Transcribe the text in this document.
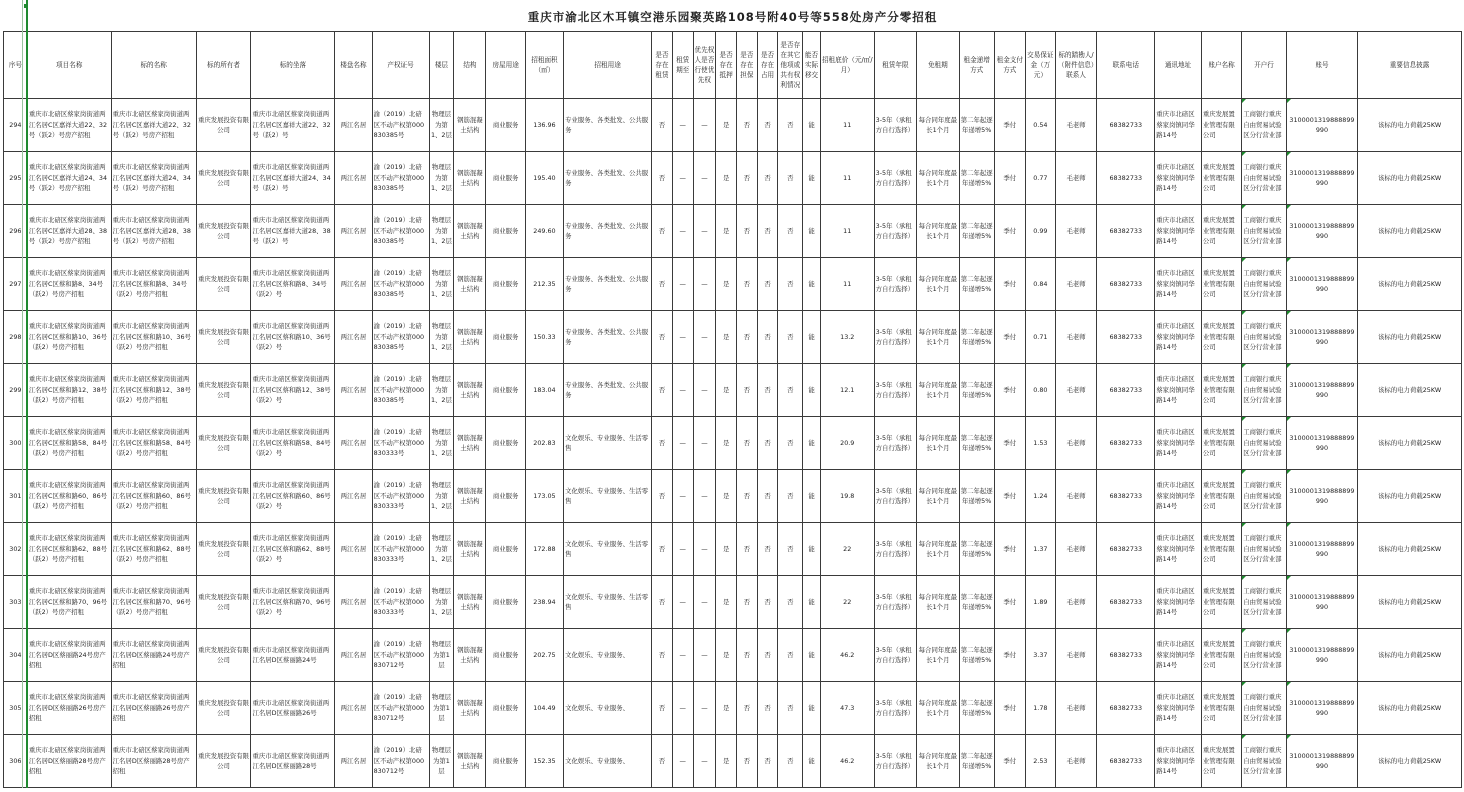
重庆市渝北区木耳镇空港乐园聚英路108号附40号等558处房产分零招租																																
序号	项目名称	标的名称	标的所有者	标的坐落	楼盘名称	产权证号	楼层	结构	房屋用途	招租面积（㎡）	招租用途	是否存在租赁	租赁期至	优先权人是否行使优先权	是否存在抵押	是否存在担保	是否存在占用	是否存在其它他项或共有权利情况	能否实际移交	招租底价（元/㎡/月）	租赁年限	免租期	租金递增方式	租金支付方式	交易保证金（万元）	标的踏勘人/（附件信息）联系人	联系电话	通讯地址	账户名称	开户行	账号	重要信息披露
294	重庆市北碚区蔡家岗街道两江名居C区嘉祥大道22、32号（跃2）号房产招租	重庆市北碚区蔡家岗街道两江名居C区嘉祥大道22、32号（跃2）号房产招租	重庆发展投资有限公司	重庆市北碚区蔡家岗街道两江名居C区嘉祥大道22、32号（跃2）号	两江名居	渝（2019）北碚区不动产权第000830385号	物理层为第1、2层	钢筋混凝土结构	商业服务	136.96	专业服务、各类批发、公共服务	否	—	—	是	否	否	否	能	11	3-5年（承租方自行选择）	每合同年度最长1个月	第二年起逐年递增5%	季付	0.54	毛老师	68382733	重庆市北碚区蔡家岗镇同华路14号	重庆发展置业管理有限公司	工商银行重庆自由贸易试验区分行营业部	3100001319888899990	该标的电力荷载25KW
295	重庆市北碚区蔡家岗街道两江名居C区嘉祥大道24、34号（跃2）号房产招租	重庆市北碚区蔡家岗街道两江名居C区嘉祥大道24、34号（跃2）号房产招租	重庆发展投资有限公司	重庆市北碚区蔡家岗街道两江名居C区嘉祥大道24、34号（跃2）号	两江名居	渝（2019）北碚区不动产权第000830385号	物理层为第1、2层	钢筋混凝土结构	商业服务	195.40	专业服务、各类批发、公共服务	否	—	—	是	否	否	否	能	11	3-5年（承租方自行选择）	每合同年度最长1个月	第二年起逐年递增5%	季付	0.77	毛老师	68382733	重庆市北碚区蔡家岗镇同华路14号	重庆发展置业管理有限公司	工商银行重庆自由贸易试验区分行营业部	3100001319888899990	该标的电力荷载25KW
296	重庆市北碚区蔡家岗街道两江名居C区嘉祥大道28、38号（跃2）号房产招租	重庆市北碚区蔡家岗街道两江名居C区嘉祥大道28、38号（跃2）号房产招租	重庆发展投资有限公司	重庆市北碚区蔡家岗街道两江名居C区嘉祥大道28、38号（跃2）号	两江名居	渝（2019）北碚区不动产权第000830385号	物理层为第1、2层	钢筋混凝土结构	商业服务	249.60	专业服务、各类批发、公共服务	否	—	—	是	否	否	否	能	11	3-5年（承租方自行选择）	每合同年度最长1个月	第二年起逐年递增5%	季付	0.99	毛老师	68382733	重庆市北碚区蔡家岗镇同华路14号	重庆发展置业管理有限公司	工商银行重庆自由贸易试验区分行营业部	3100001319888899990	该标的电力荷载25KW
297	重庆市北碚区蔡家岗街道两江名居C区蔡和路8、34号（跃2）号房产招租	重庆市北碚区蔡家岗街道两江名居C区蔡和路8、34号（跃2）号房产招租	重庆发展投资有限公司	重庆市北碚区蔡家岗街道两江名居C区蔡和路8、34号（跃2）号	两江名居	渝（2019）北碚区不动产权第000830385号	物理层为第1、2层	钢筋混凝土结构	商业服务	212.35	专业服务、各类批发、公共服务	否	—	—	是	否	否	否	能	11	3-5年（承租方自行选择）	每合同年度最长1个月	第二年起逐年递增5%	季付	0.84	毛老师	68382733	重庆市北碚区蔡家岗镇同华路14号	重庆发展置业管理有限公司	工商银行重庆自由贸易试验区分行营业部	3100001319888899990	该标的电力荷载25KW
298	重庆市北碚区蔡家岗街道两江名居C区蔡和路10、36号（跃2）号房产招租	重庆市北碚区蔡家岗街道两江名居C区蔡和路10、36号（跃2）号房产招租	重庆发展投资有限公司	重庆市北碚区蔡家岗街道两江名居C区蔡和路10、36号（跃2）号	两江名居	渝（2019）北碚区不动产权第000830385号	物理层为第1、2层	钢筋混凝土结构	商业服务	150.33	专业服务、各类批发、公共服务	否	—	—	是	否	否	否	能	13.2	3-5年（承租方自行选择）	每合同年度最长1个月	第二年起逐年递增5%	季付	0.71	毛老师	68382733	重庆市北碚区蔡家岗镇同华路14号	重庆发展置业管理有限公司	工商银行重庆自由贸易试验区分行营业部	3100001319888899990	该标的电力荷载25KW
299	重庆市北碚区蔡家岗街道两江名居C区蔡和路12、38号（跃2）号房产招租	重庆市北碚区蔡家岗街道两江名居C区蔡和路12、38号（跃2）号房产招租	重庆发展投资有限公司	重庆市北碚区蔡家岗街道两江名居C区蔡和路12、38号（跃2）号	两江名居	渝（2019）北碚区不动产权第000830385号	物理层为第1、2层	钢筋混凝土结构	商业服务	183.04	专业服务、各类批发、公共服务	否	—	—	是	否	否	否	能	12.1	3-5年（承租方自行选择）	每合同年度最长1个月	第二年起逐年递增5%	季付	0.80	毛老师	68382733	重庆市北碚区蔡家岗镇同华路14号	重庆发展置业管理有限公司	工商银行重庆自由贸易试验区分行营业部	3100001319888899990	该标的电力荷载25KW
300	重庆市北碚区蔡家岗街道两江名居C区蔡和路58、84号（跃2）号房产招租	重庆市北碚区蔡家岗街道两江名居C区蔡和路58、84号（跃2）号房产招租	重庆发展投资有限公司	重庆市北碚区蔡家岗街道两江名居C区蔡和路58、84号（跃2）号	两江名居	渝（2019）北碚区不动产权第000830333号	物理层为第1、2层	钢筋混凝土结构	商业服务	202.83	文化娱乐、专业服务、生活零售	否	—	—	是	否	否	否	能	20.9	3-5年（承租方自行选择）	每合同年度最长1个月	第二年起逐年递增5%	季付	1.53	毛老师	68382733	重庆市北碚区蔡家岗镇同华路14号	重庆发展置业管理有限公司	工商银行重庆自由贸易试验区分行营业部	3100001319888899990	该标的电力荷载25KW
301	重庆市北碚区蔡家岗街道两江名居C区蔡和路60、86号（跃2）号房产招租	重庆市北碚区蔡家岗街道两江名居C区蔡和路60、86号（跃2）号房产招租	重庆发展投资有限公司	重庆市北碚区蔡家岗街道两江名居C区蔡和路60、86号（跃2）号	两江名居	渝（2019）北碚区不动产权第000830333号	物理层为第1、2层	钢筋混凝土结构	商业服务	173.05	文化娱乐、专业服务、生活零售	否	—	—	是	否	否	否	能	19.8	3-5年（承租方自行选择）	每合同年度最长1个月	第二年起逐年递增5%	季付	1.24	毛老师	68382733	重庆市北碚区蔡家岗镇同华路14号	重庆发展置业管理有限公司	工商银行重庆自由贸易试验区分行营业部	3100001319888899990	该标的电力荷载25KW
302	重庆市北碚区蔡家岗街道两江名居C区蔡和路62、88号（跃2）号房产招租	重庆市北碚区蔡家岗街道两江名居C区蔡和路62、88号（跃2）号房产招租	重庆发展投资有限公司	重庆市北碚区蔡家岗街道两江名居C区蔡和路62、88号（跃2）号	两江名居	渝（2019）北碚区不动产权第000830333号	物理层为第1、2层	钢筋混凝土结构	商业服务	172.88	文化娱乐、专业服务、生活零售	否	—	—	是	否	否	否	能	22	3-5年（承租方自行选择）	每合同年度最长1个月	第二年起逐年递增5%	季付	1.37	毛老师	68382733	重庆市北碚区蔡家岗镇同华路14号	重庆发展置业管理有限公司	工商银行重庆自由贸易试验区分行营业部	3100001319888899990	该标的电力荷载25KW
303	重庆市北碚区蔡家岗街道两江名居C区蔡和路70、96号（跃2）号房产招租	重庆市北碚区蔡家岗街道两江名居C区蔡和路70、96号（跃2）号房产招租	重庆发展投资有限公司	重庆市北碚区蔡家岗街道两江名居C区蔡和路70、96号（跃2）号	两江名居	渝（2019）北碚区不动产权第000830333号	物理层为第1、2层	钢筋混凝土结构	商业服务	238.94	文化娱乐、专业服务、生活零售	否	—	—	是	否	否	否	能	22	3-5年（承租方自行选择）	每合同年度最长1个月	第二年起逐年递增5%	季付	1.89	毛老师	68382733	重庆市北碚区蔡家岗镇同华路14号	重庆发展置业管理有限公司	工商银行重庆自由贸易试验区分行营业部	3100001319888899990	该标的电力荷载25KW
304	重庆市北碚区蔡家岗街道两江名居D区蔡丽路24号房产招租	重庆市北碚区蔡家岗街道两江名居D区蔡丽路24号房产招租	重庆发展投资有限公司	重庆市北碚区蔡家岗街道两江名居D区蔡丽路24号	两江名居	渝（2019）北碚区不动产权第000830712号	物理层为第1层	钢筋混凝土结构	商业服务	202.75	文化娱乐、专业服务、	否	—	—	是	否	否	否	能	46.2	3-5年（承租方自行选择）	每合同年度最长1个月	第二年起逐年递增5%	季付	3.37	毛老师	68382733	重庆市北碚区蔡家岗镇同华路14号	重庆发展置业管理有限公司	工商银行重庆自由贸易试验区分行营业部	3100001319888899990	该标的电力荷载25KW
305	重庆市北碚区蔡家岗街道两江名居D区蔡丽路26号房产招租	重庆市北碚区蔡家岗街道两江名居D区蔡丽路26号房产招租	重庆发展投资有限公司	重庆市北碚区蔡家岗街道两江名居D区蔡丽路26号	两江名居	渝（2019）北碚区不动产权第000830712号	物理层为第1层	钢筋混凝土结构	商业服务	104.49	文化娱乐、专业服务、	否	—	—	是	否	否	否	能	47.3	3-5年（承租方自行选择）	每合同年度最长1个月	第二年起逐年递增5%	季付	1.78	毛老师	68382733	重庆市北碚区蔡家岗镇同华路14号	重庆发展置业管理有限公司	工商银行重庆自由贸易试验区分行营业部	3100001319888899990	该标的电力荷载25KW
306	重庆市北碚区蔡家岗街道两江名居D区蔡丽路28号房产招租	重庆市北碚区蔡家岗街道两江名居D区蔡丽路28号房产招租	重庆发展投资有限公司	重庆市北碚区蔡家岗街道两江名居D区蔡丽路28号	两江名居	渝（2019）北碚区不动产权第000830712号	物理层为第1层	钢筋混凝土结构	商业服务	152.35	文化娱乐、专业服务、	否	—	—	是	否	否	否	能	46.2	3-5年（承租方自行选择）	每合同年度最长1个月	第二年起逐年递增5%	季付	2.53	毛老师	68382733	重庆市北碚区蔡家岗镇同华路14号	重庆发展置业管理有限公司	工商银行重庆自由贸易试验区分行营业部	3100001319888899990	该标的电力荷载25KW
